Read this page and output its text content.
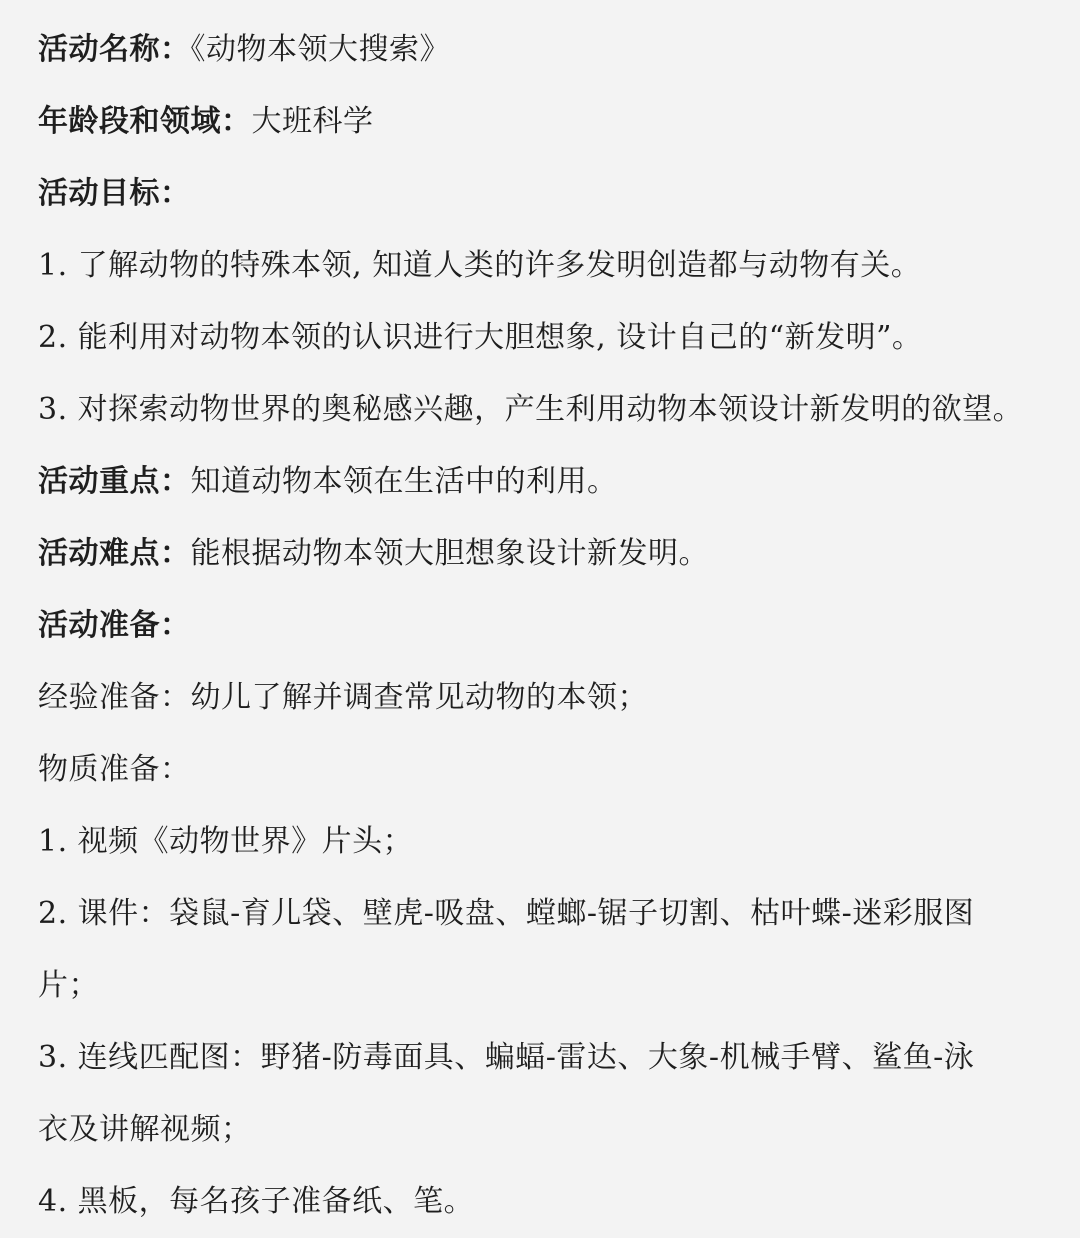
活动名称：《动物本领大搜索》
年龄段和领域：大班科学
活动目标：
1. 了解动物的特殊本领, 知道人类的许多发明创造都与动物有关。
2. 能利用对动物本领的认识进行大胆想象, 设计自己的“新发明”。
3. 对探索动物世界的奥秘感兴趣，产生利用动物本领设计新发明的欲望。
活动重点：知道动物本领在生活中的利用。
活动难点：能根据动物本领大胆想象设计新发明。
活动准备：
经验准备：幼儿了解并调查常见动物的本领；
物质准备：
1. 视频《动物世界》片头；
2. 课件：袋鼠-育儿袋、壁虎-吸盘、螳螂-锯子切割、枯叶蝶-迷彩服图
片；
3. 连线匹配图：野猪-防毒面具、蝙蝠-雷达、大象-机械手臂、鲨鱼-泳
衣及讲解视频；
4. 黑板，每名孩子准备纸、笔。
